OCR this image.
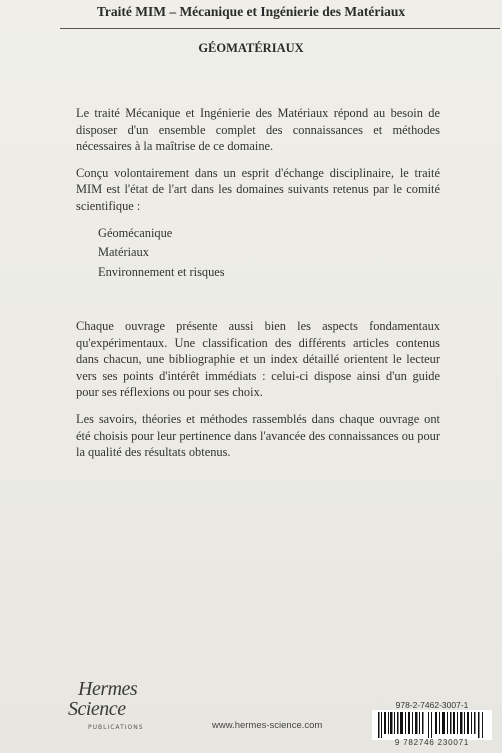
Traité MIM – Mécanique et Ingénierie des Matériaux
GÉOMATÉRIAUX

Le traité Mécanique et Ingénierie des Matériaux répond au besoin de disposer d'un ensemble complet des connaissances et méthodes nécessaires à la maîtrise de ce domaine.

Conçu volontairement dans un esprit d'échange disciplinaire, le traité MIM est l'état de l'art dans les domaines suivants retenus par le comité scientifique :

Géomécanique
Matériaux
Environnement et risques

Chaque ouvrage présente aussi bien les aspects fondamentaux qu'expérimentaux. Une classification des différents articles contenus dans chacun, une bibliographie et un index détaillé orientent le lecteur vers ses points d'intérêt immédiats : celui-ci dispose ainsi d'un guide pour ses réflexions ou pour ses choix.

Les savoirs, théories et méthodes rassemblés dans chaque ouvrage ont été choisis pour leur pertinence dans l'avancée des connaissances ou pour la qualité des résultats obtenus.

Hermes
Science
PUBLICATIONS	www.hermes-science.com
978-2-7462-3007-1
9 782746 230071
